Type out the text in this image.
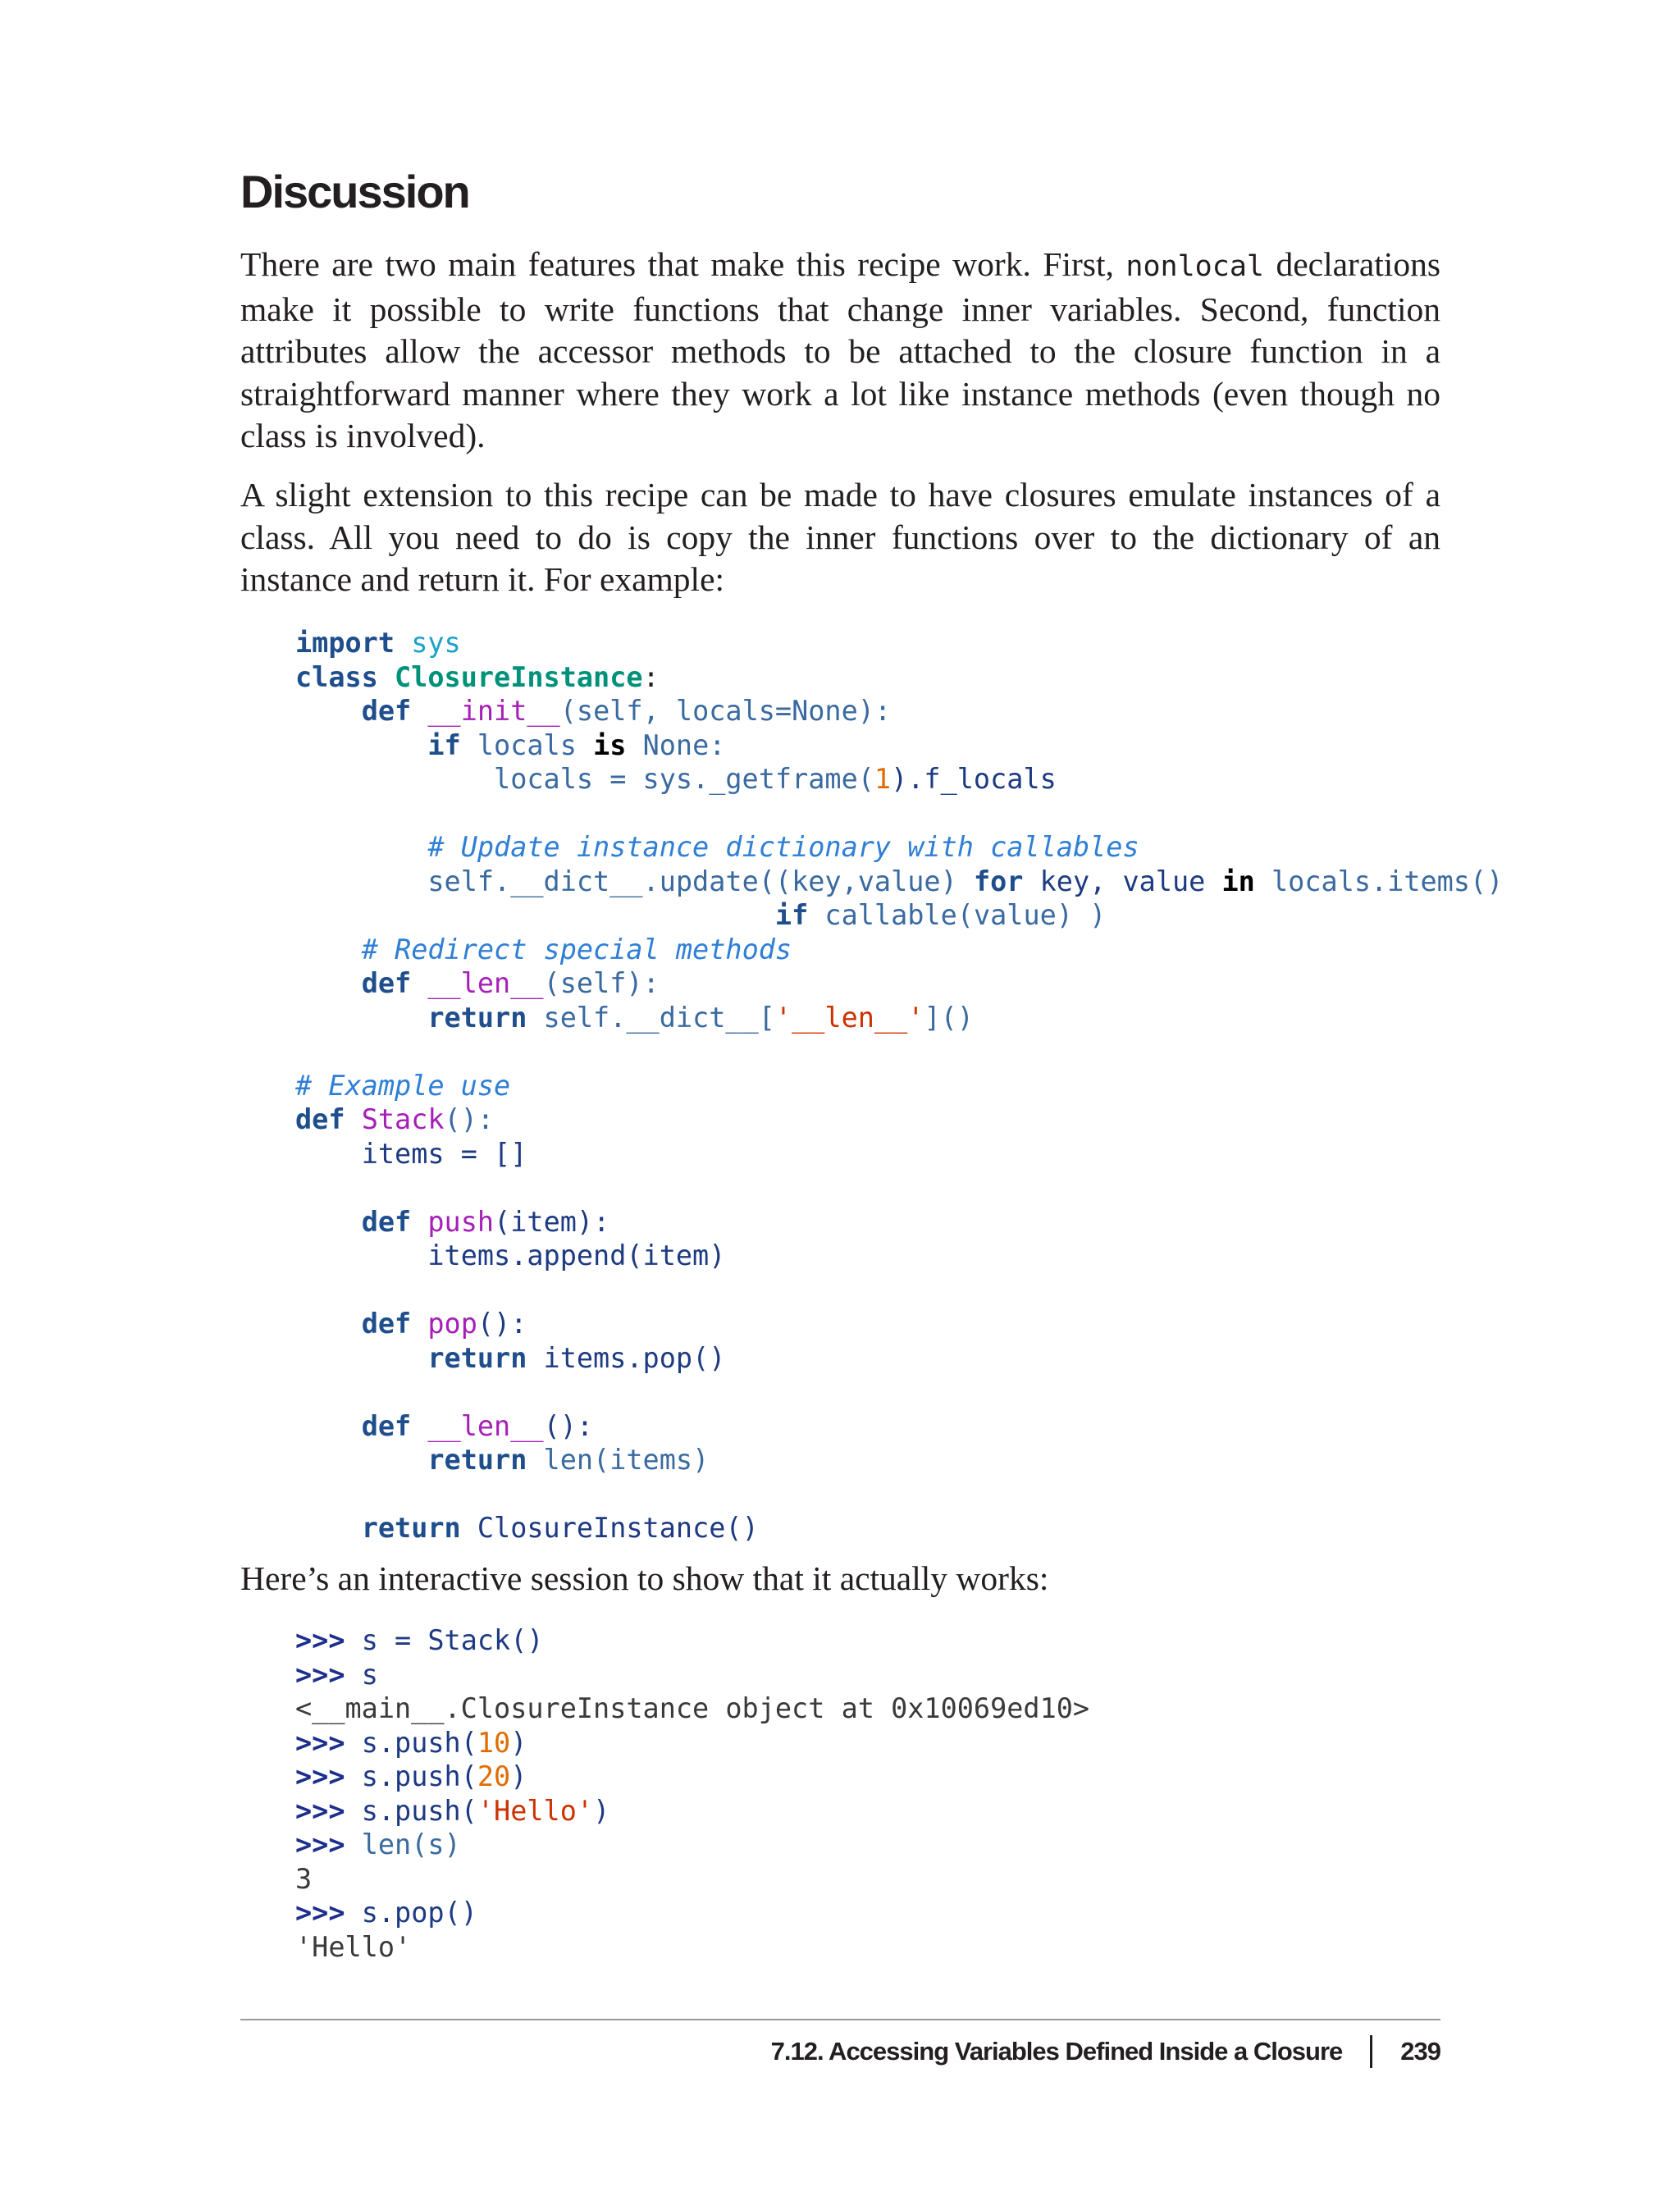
Discussion

There are two main features that make this recipe work. First, nonlocal declarations make it possible to write functions that change inner variables. Second, function attributes allow the accessor methods to be attached to the closure function in a straightforward manner where they work a lot like instance methods (even though no class is involved).

A slight extension to this recipe can be made to have closures emulate instances of a class. All you need to do is copy the inner functions over to the dictionary of an instance and return it. For example:

import sys
class ClosureInstance:
def __init__(self, locals=None):
if locals is None:
locals = sys._getframe(1).f_locals

# Update instance dictionary with callables
self.__dict__.update((key,value) for key, value in locals.items()
if callable(value) )
# Redirect special methods
def __len__(self):
return self.__dict__['__len__']()

# Example use
def Stack():
items = []

def push(item):
items.append(item)

def pop():
return items.pop()

def __len__():
return len(items)

return ClosureInstance()

Here’s an interactive session to show that it actually works:

>>> s = Stack()
>>> s
<__main__.ClosureInstance object at 0x10069ed10>
>>> s.push(10)
>>> s.push(20)
>>> s.push('Hello')
>>> len(s)
3
>>> s.pop()
'Hello'
7.12. Accessing Variables Defined Inside a Closure 239
